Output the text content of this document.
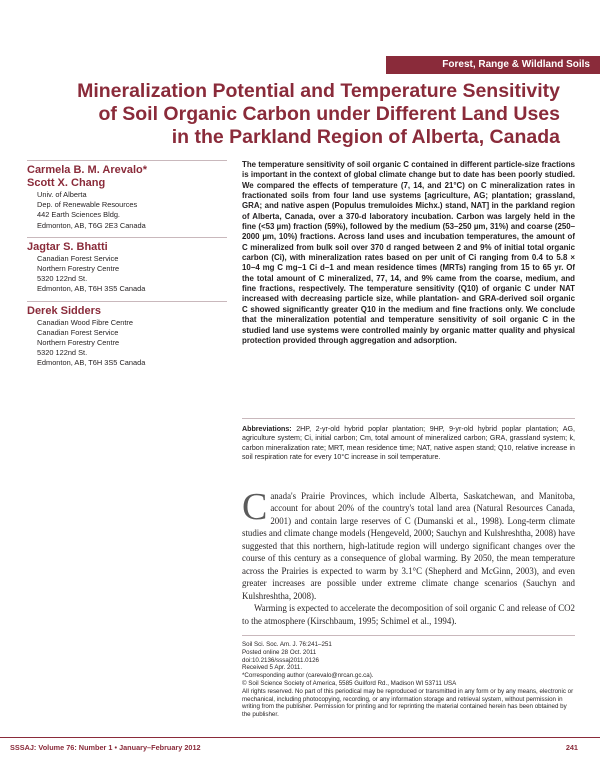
Forest, Range & Wildland Soils
Mineralization Potential and Temperature Sensitivity
of Soil Organic Carbon under Different Land Uses
in the Parkland Region of Alberta, Canada
Carmela B. M. Arevalo*
Scott X. Chang
Univ. of Alberta
Dep. of Renewable Resources
442 Earth Sciences Bldg.
Edmonton, AB, T6G 2E3 Canada
Jagtar S. Bhatti
Canadian Forest Service
Northern Forestry Centre
5320 122nd St.
Edmonton, AB, T6H 3S5 Canada
Derek Sidders
Canadian Wood Fibre Centre
Canadian Forest Service
Northern Forestry Centre
5320 122nd St.
Edmonton, AB, T6H 3S5 Canada

The temperature sensitivity of soil organic C contained in different particle-size fractions is important in the context of global climate change but to date has been poorly studied. We compared the effects of temperature (7, 14, and 21°C) on C mineralization rates in fractionated soils from four land use systems [agriculture, AG; plantation; grassland, GRA; and native aspen (Populus tremuloides Michx.) stand, NAT] in the parkland region of Alberta, Canada, over a 370-d laboratory incubation. Carbon was largely held in the fine (<53 µm) fraction (59%), followed by the medium (53–250 µm, 31%) and coarse (250–2000 µm, 10%) fractions. Across land uses and incubation temperatures, the amount of C mineralized from bulk soil over 370 d ranged between 2 and 9% of initial total organic carbon (Ci), with mineralization rates based on per unit of Ci ranging from 0.4 to 5.8 × 10−4 mg C mg−1 Ci d−1 and mean residence times (MRTs) ranging from 15 to 65 yr. Of the total amount of C mineralized, 77, 14, and 9% came from the coarse, medium, and fine fractions, respectively. The temperature sensitivity (Q10) of organic C under NAT increased with decreasing particle size, while plantation- and GRA-derived soil organic C showed significantly greater Q10 in the medium and fine fractions only. We conclude that the mineralization potential and temperature sensitivity of soil organic C in the studied land use systems were controlled mainly by organic matter quality and physical protection provided through aggregation and adsorption.

Abbreviations: 2HP, 2-yr-old hybrid poplar plantation; 9HP, 9-yr-old hybrid poplar plantation; AG, agriculture system; Ci, initial carbon; Cm, total amount of mineralized carbon; GRA, grassland system; k, carbon mineralization rate; MRT, mean residence time; NAT, native aspen stand; Q10, relative increase in soil respiration rate for every 10°C increase in soil temperature.

Canada's Prairie Provinces, which include Alberta, Saskatchewan, and Manitoba, account for about 20% of the country's total land area (Natural Resources Canada, 2001) and contain large reserves of C (Dumanski et al., 1998). Long-term climate studies and climate change models (Hengeveld, 2000; Sauchyn and Kulshreshtha, 2008) have suggested that this northern, high-latitude region will undergo significant changes over the course of this century as a consequence of global warming. By 2050, the mean temperature across the Prairies is expected to warm by 3.1°C (Shepherd and McGinn, 2003), and even greater increases are possible under extreme climate change scenarios (Sauchyn and Kulshreshtha, 2008).

Warming is expected to accelerate the decomposition of soil organic C and release of CO2 to the atmosphere (Kirschbaum, 1995; Schimel et al., 1994).

Soil Sci. Soc. Am. J. 76:241–251

Posted online 28 Oct. 2011

doi:10.2136/sssaj2011.0126

Received 5 Apr. 2011.

*Corresponding author (carevalo@nrcan.gc.ca).

© Soil Science Society of America, 5585 Guilford Rd., Madison WI 53711 USA

All rights reserved. No part of this periodical may be reproduced or transmitted in any form or by any means, electronic or mechanical, including photocopying, recording, or any information storage and retrieval system, without permission in writing from the publisher. Permission for printing and for reprinting the material contained herein has been obtained by the publisher.

SSSAJ: Volume 76: Number 1 • January–February 2012	241
